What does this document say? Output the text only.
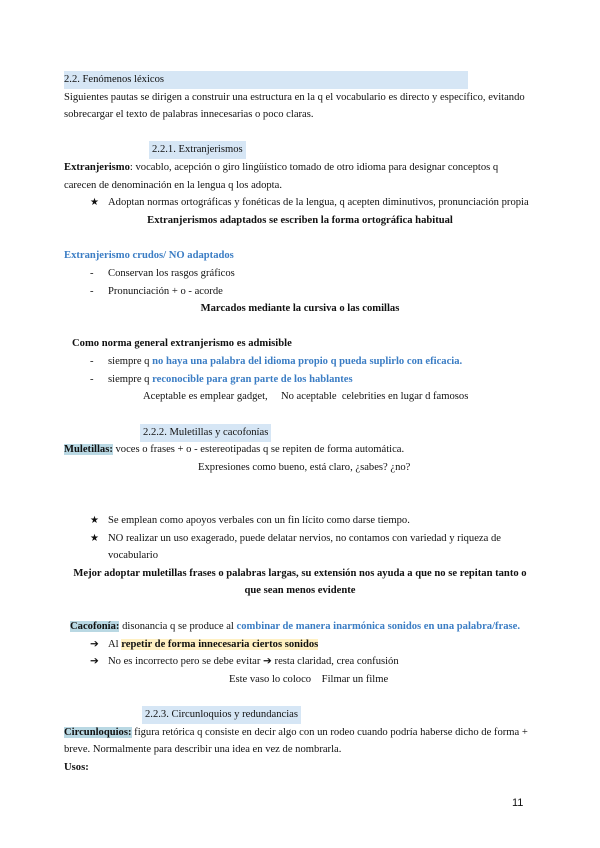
2.2. Fenómenos léxicos
Siguientes pautas se dirigen a construir una estructura en la q el vocabulario es directo y específico, evitando
sobrecargar el texto de palabras innecesarias o poco claras.
2.2.1. Extranjerismos
Extranjerismo: vocablo, acepción o giro lingüístico tomado de otro idioma para designar conceptos q
carecen de denominación en la lengua q los adopta.
★ Adoptan normas ortográficas y fonéticas de la lengua, q acepten diminutivos, pronunciación propia
Extranjerismos adaptados se escriben la forma ortográfica habitual
Extranjerismo crudos/ NO adaptados
- Conservan los rasgos gráficos
- Pronunciación + o - acorde
Marcados mediante la cursiva o las comillas
Como norma general extranjerismo es admisible
- siempre q no haya una palabra del idioma propio q pueda suplirlo con eficacia.
- siempre q reconocible para gran parte de los hablantes
Aceptable es emplear gadget,     No aceptable  celebrities en lugar d famosos
2.2.2. Muletillas y cacofonías
Muletillas: voces o frases + o - estereotipadas q se repiten de forma automática.
Expresiones como bueno, está claro, ¿sabes? ¿no?
★ Se emplean como apoyos verbales con un fin lícito como darse tiempo.
★ NO realizar un uso exagerado, puede delatar nervios, no contamos con variedad y riqueza de
vocabulario
Mejor adoptar muletillas frases o palabras largas, su extensión nos ayuda a que no se repitan tanto o
que sean menos evidente
Cacofonía: disonancia q se produce al combinar de manera inarmónica sonidos en una palabra/frase.
➔ Al repetir de forma innecesaria ciertos sonidos
➔ No es incorrecto pero se debe evitar ➔ resta claridad, crea confusión
Este vaso lo coloco    Filmar un filme
2.2.3. Circunloquios y redundancias
Circunloquios: figura retórica q consiste en decir algo con un rodeo cuando podría haberse dicho de forma +
breve. Normalmente para describir una idea en vez de nombrarla.
Usos:
11
